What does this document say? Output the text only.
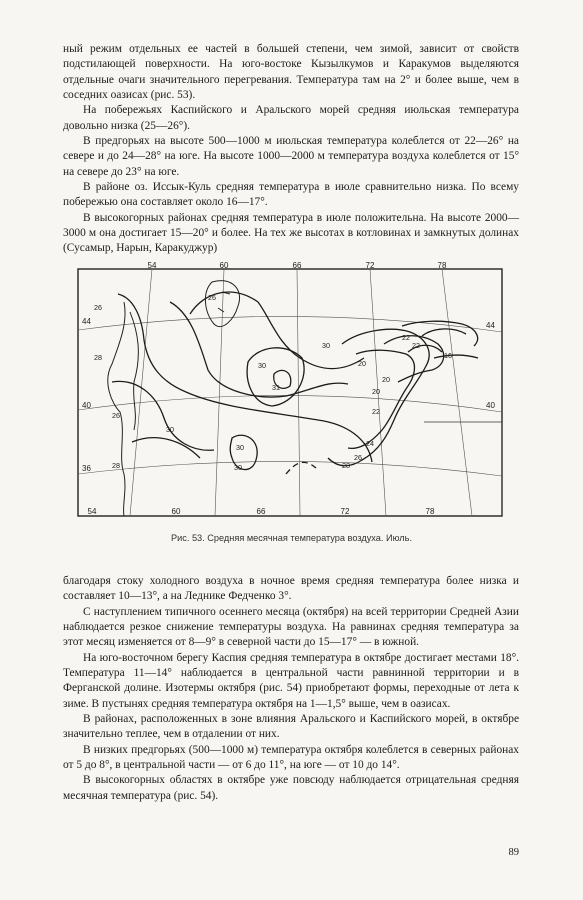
ный режим отдельных ее частей в большей степени, чем зимой, зависит от свойств подстилающей поверхности. На юго-востоке Кызылкумов и Каракумов выделяются отдельные очаги значительного перегревания. Температура там на 2° и более выше, чем в соседних оазисах (рис. 53).

На побережьях Каспийского и Аральского морей средняя июльская температура довольно низка (25—26°).

В предгорьях на высоте 500—1000 м июльская температура колеблется от 22—26° на севере и до 24—28° на юге. На высоте 1000—2000 м температура воздуха колеблется от 15° на севере до 23° на юге.

В районе оз. Иссык-Куль средняя температура в июле сравнительно низка. По всему побережью она составляет около 16—17°.

В высокогорных районах средняя температура в июле положительна. На высоте 2000—3000 м она достигает 15—20° и более. На тех же высотах в котловинах и замкнутых долинах (Сусамыр, Нарын, Каракуджур)

54	60	66	72	78
54	60	66	72	78
44
40
36
44
40
26
28
30
30
31
30
26
28
26
22
22
16
20
20
20
22
24
26
28
30
30
Рис. 53. Средняя месячная температура воздуха. Июль.

благодаря стоку холодного воздуха в ночное время средняя температура более низка и составляет 10—13°, а на Леднике Федченко 3°.

С наступлением типичного осеннего месяца (октября) на всей территории Средней Азии наблюдается резкое снижение температуры воздуха. На равнинах средняя температура за этот месяц изменяется от 8—9° в северной части до 15—17° — в южной.

На юго-восточном берегу Каспия средняя температура в октябре достигает местами 18°. Температура 11—14° наблюдается в центральной части равнинной территории и в Ферганской долине. Изотермы октября (рис. 54) приобретают формы, переходные от лета к зиме. В пустынях средняя температура октября на 1—1,5° выше, чем в оазисах.

В районах, расположенных в зоне влияния Аральского и Каспийского морей, в октябре значительно теплее, чем в отдалении от них.

В низких предгорьях (500—1000 м) температура октября колеблется в северных районах от 5 до 8°, в центральной части — от 6 до 11°, на юге — от 10 до 14°.

В высокогорных областях в октябре уже повсюду наблюдается отрицательная средняя месячная температура (рис. 54).

89
